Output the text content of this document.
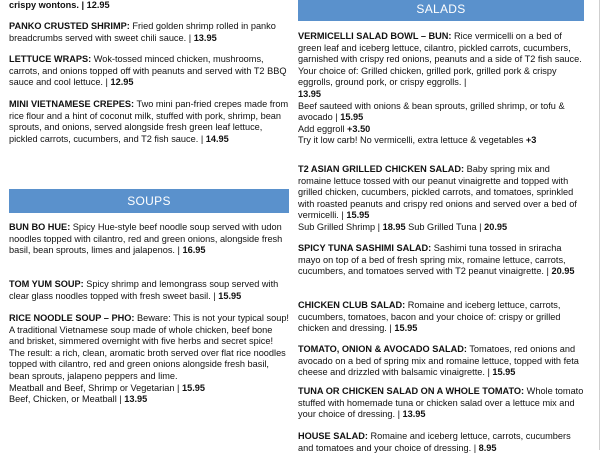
crispy wontons. | 12.95

PANKO CRUSTED SHRIMP: Fried golden shrimp rolled in panko breadcrumbs served with sweet chili sauce. | 13.95

LETTUCE WRAPS: Wok-tossed minced chicken, mushrooms, carrots, and onions topped off with peanuts and served with T2 BBQ sauce and cool lettuce. | 12.95

MINI VIETNAMESE CREPES: Two mini pan-fried crepes made from rice flour and a hint of coconut milk, stuffed with pork, shrimp, bean sprouts, and onions, served alongside fresh green leaf lettuce, pickled carrots, cucumbers, and T2 fish sauce. | 14.95

SOUPS

BUN BO HUE: Spicy Hue-style beef noodle soup served with udon noodles topped with cilantro, red and green onions, alongside fresh basil, bean sprouts, limes and jalapenos. | 16.95

TOM YUM SOUP: Spicy shrimp and lemongrass soup served with clear glass noodles topped with fresh sweet basil. | 15.95

RICE NOODLE SOUP – PHO: Beware: This is not your typical soup! A traditional Vietnamese soup made of whole chicken, beef bone and brisket, simmered overnight with five herbs and secret spice! The result: a rich, clean, aromatic broth served over flat rice noodles topped with cilantro, red and green onions alongside fresh basil, bean sprouts, jalapeno peppers and lime.

Meatball and Beef, Shrimp or Vegetarian | 15.95

Beef, Chicken, or Meatball | 13.95

SALADS

VERMICELLI SALAD BOWL – BUN: Rice vermicelli on a bed of green leaf and iceberg lettuce, cilantro, pickled carrots, cucumbers, garnished with crispy red onions, peanuts and a side of T2 fish sauce. Your choice of: Grilled chicken, grilled pork, grilled pork & crispy eggrolls, ground pork, or crispy eggrolls. |

13.95

Beef sauteed with onions & bean sprouts, grilled shrimp, or tofu & avocado | 15.95

Add eggroll +3.50

Try it low carb! No vermicelli, extra lettuce & vegetables +3

T2 ASIAN GRILLED CHICKEN SALAD: Baby spring mix and romaine lettuce tossed with our peanut vinaigrette and topped with grilled chicken, cucumbers, pickled carrots, and tomatoes, sprinkled with roasted peanuts and crispy red onions and served over a bed of vermicelli. | 15.95

Sub Grilled Shrimp | 18.95 Sub Grilled Tuna | 20.95

SPICY TUNA SASHIMI SALAD: Sashimi tuna tossed in sriracha mayo on top of a bed of fresh spring mix, romaine lettuce, carrots, cucumbers, and tomatoes served with T2 peanut vinaigrette. | 20.95

CHICKEN CLUB SALAD: Romaine and iceberg lettuce, carrots, cucumbers, tomatoes, bacon and your choice of: crispy or grilled chicken and dressing. | 15.95

TOMATO, ONION & AVOCADO SALAD: Tomatoes, red onions and avocado on a bed of spring mix and romaine lettuce, topped with feta cheese and drizzled with balsamic vinaigrette. | 15.95

TUNA OR CHICKEN SALAD ON A WHOLE TOMATO: Whole tomato stuffed with homemade tuna or chicken salad over a lettuce mix and your choice of dressing. | 13.95

HOUSE SALAD: Romaine and iceberg lettuce, carrots, cucumbers and tomatoes and your choice of dressing. | 8.95
